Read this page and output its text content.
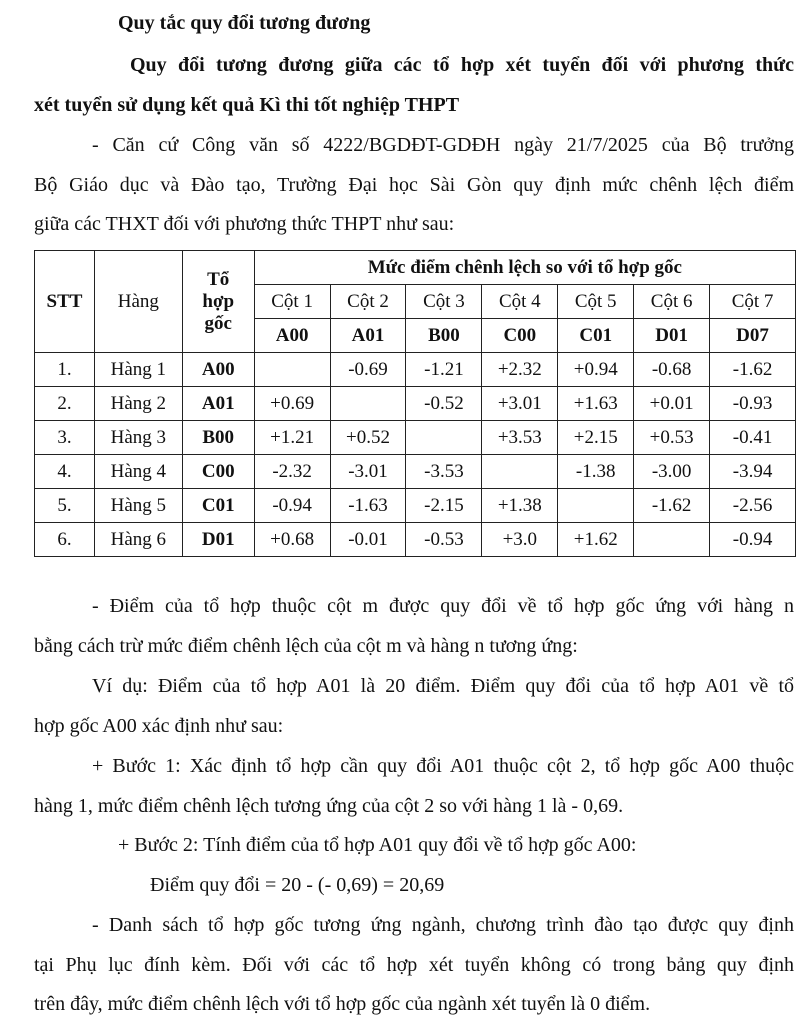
Quy tắc quy đổi tương đương
Quy đổi tương đương giữa các tổ hợp xét tuyển đối với phương thức
xét tuyển sử dụng kết quả Kì thi tốt nghiệp THPT
- Căn cứ Công văn số 4222/BGDĐT-GDĐH ngày 21/7/2025 của Bộ trưởng
Bộ Giáo dục và Đào tạo, Trường Đại học Sài Gòn quy định mức chênh lệch điểm
giữa các THXT đối với phương thức THPT như sau:
STT	Hàng	Tổ
hợp
gốc	Mức điểm chênh lệch so với tổ hợp gốc						
			Cột 1	Cột 2	Cột 3	Cột 4	Cột 5	Cột 6	Cột 7
			A00	A01	B00	C00	C01	D01	D07
1.	Hàng 1	A00		-0.69	-1.21	+2.32	+0.94	-0.68	-1.62
2.	Hàng 2	A01	+0.69		-0.52	+3.01	+1.63	+0.01	-0.93
3.	Hàng 3	B00	+1.21	+0.52		+3.53	+2.15	+0.53	-0.41
4.	Hàng 4	C00	-2.32	-3.01	-3.53		-1.38	-3.00	-3.94
5.	Hàng 5	C01	-0.94	-1.63	-2.15	+1.38		-1.62	-2.56
6.	Hàng 6	D01	+0.68	-0.01	-0.53	+3.0	+1.62		-0.94
- Điểm của tổ hợp thuộc cột m được quy đổi về tổ hợp gốc ứng với hàng n
bằng cách trừ mức điểm chênh lệch của cột m và hàng n tương ứng:
Ví dụ: Điểm của tổ hợp A01 là 20 điểm. Điểm quy đổi của tổ hợp A01 về tổ
hợp gốc A00 xác định như sau:
+ Bước 1: Xác định tổ hợp cần quy đổi A01 thuộc cột 2, tổ hợp gốc A00 thuộc
hàng 1, mức điểm chênh lệch tương ứng của cột 2 so với hàng 1 là - 0,69.
+ Bước 2: Tính điểm của tổ hợp A01 quy đổi về tổ hợp gốc A00:
Điểm quy đổi = 20 - (- 0,69) = 20,69
- Danh sách tổ hợp gốc tương ứng ngành, chương trình đào tạo được quy định
tại Phụ lục đính kèm. Đối với các tổ hợp xét tuyển không có trong bảng quy định
trên đây, mức điểm chênh lệch với tổ hợp gốc của ngành xét tuyển là 0 điểm.
